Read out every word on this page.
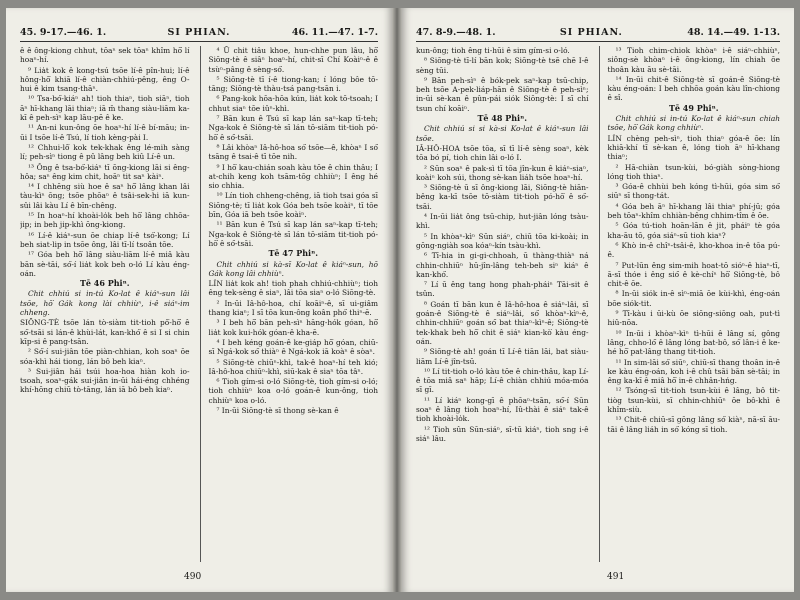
45. 9-17.—46. 1.	SI PHIAN.	46. 11.—47. 1-7.

ê ê ông-kiong chhut, tōaⁿ sek tōaⁿ khîm hō͘ lí hoaⁿ-hí.

⁹ Lia̍t kok ê kong-tsú tsōe lí-ê pîn-hui; lí-ê hông-hō͘ khiā lí-ê chiàn-chhiú-pêng, êng O-hui ê kim tsang-thāⁿ.

¹⁰ Tsa-bó͘-kiáⁿ ah! tioh thiaⁿ, tioh siāⁿ, tioh āⁿ hī-khang lāi thiaⁿ; iā m̄ thang siàu-liām ka-kī ê peh-sìⁿ kap lāu-pē ê ke.

¹¹ An-ni kun-ông ōe hoaⁿ-hí lí-ê bí-māu; in-ūi I tsōe lí-ê Tsú, lí tioh kèng-pài I.

¹² Chhui-lô͘ kok tek-khak êng lé-mih sàng lí; peh-sìⁿ tiong ê pû lâng beh kiû Lí-ê un.

¹³ Ông ê tsa-bó͘-kiáⁿ tī ōng-kiong lāi si êng-hôa; saⁿ êng kim chit, hoāⁿ tit saⁿ kàiⁿ.

¹⁴ I chhēng siù hoe ê saⁿ hō͘ lâng khan lâi tàu-kìⁿ ōng; tsōe phōaⁿ ê tsâi-sek-hi iā kun-sûi lâi kàu Lí ê bīn-chêng.

¹⁵ In hoaⁿ-hí khoài-lo̍k beh hō͘ lâng chhōa-jip; in beh jip-khì ōng-kiong.

¹⁶ Lí-ê kiáⁿ-sun ōe chiap lí-ê tsó͘-kong; Lí beh siat-lip in tsōe ông, lâi tī-lí tsoân tōe.

¹⁷ Góa beh hō͘ lâng siàu-liām lí-ê miâ kàu bān sè-tāi, só͘-í lia̍t kok beh o-ló Lí kàu éng-oán.

Tē 46 Phiⁿ.

Chit chhiú si in-tú Ko-lat ê kiáⁿ-sun lâi tsōe, hō͘ Gák kong lài chhiùⁿ, i-ê siáⁿ-im chheng.

SIŌNG-TÈ tsōe lán tò-siàm tit-tioh pô͘-hō͘ ê só͘-tsāi si lán-ê khùi-lát, kan-khó͘ ê si I si chin kīp-si ê pang-tsān.

² Só͘-í sui-jiân tōe piàn-chhian, koh soaⁿ ōe sóa-khì hái tiong, lán bô beh kiaⁿ.

³ Sui-jiân hái tsúi hoa-hoa hiàn koh io-tsoah, soaⁿ-gák sui-jiân in-ūi hái-éng chhéng khí-hōng chiū tò-tāng, lán iā bô beh kiaⁿ.

⁴ Ū chit tiâu khoe, hun-chhe pun lâu, hō͘ Siōng-tè ê siâⁿ hoaⁿ-hí, chit-sī Chí Koàiⁿ-ê ê tsùⁿ-pâng ê sèng-só͘.

⁵ Siōng-tè tī í-ê tiong-kan; í lóng bôe tō-tāng; Siōng-tè thàu-tsá pang-tsān i.

⁶ Pang-kok hōa-hōa kún, lia̍t kok tō-tsoah; I chhut siaⁿ tōe iûⁿ-khì.

⁷ Bān kun ê Tsú sī kap lán saⁿ-kap tī-teh; Nga-kok ê Siōng-tè sī lán tō-siām tit-tioh pó-hō͘ ê só͘-tsāi.

⁸ Lâi khòaⁿ Iâ-hô-hoa só͘ tsōe—ê, khòaⁿ I só͘ tsāng ê tsai-ê tī tōe nih.

⁹ I hō͘ kau-chián soah kàu tōe ê chin thâu; I at-chih keng koh tsām-tōg chhiùⁿ; I êng hé sio chhia.

¹⁰ Lín tioh chheng-chêng, iā tioh tsai góa sī Siōng-tè; tī lia̍t kok Góa beh tsōe koàiⁿ, tī tōe bīn, Góa iā beh tsōe koàiⁿ.

¹¹ Bān kun ê Tsú sī kap lán saⁿ-kap tī-teh; Nga-kok ê Siōng-tè sī lán tō-siām tit-tioh pó-hō͘ ê só͘-tsāi.

Tē 47 Phiⁿ.

Chit chhiú si kà-sī Ko-lat ê kiáⁿ-sun, hō͘ Gák kong lâi chhiùⁿ.

LÍN lia̍t kok ah! tioh phah chhiú-chhiùⁿ; tioh êng tek-sèng ê siaⁿ, lâi tōa siaⁿ o-ló Siōng-tè.

² In-ūi Iâ-hô-hoa, chí koāiⁿ-ê, sī ui-giâm thang kiaⁿ; I sī tōa kun-ông koân phó͘ thiⁿ-ē.

³ I beh hō͘ bān peh-sìⁿ hāng-hók góan, hō͘ lia̍t kok kui-hók góan-ê kha-ē.

⁴ I beh kéng goán-ê ke-giáp hō͘ góan, chiū-sī Ngá-kok só͘ thiàⁿ ê Ngá-kok iā koàⁿ ê sòaⁿ.

⁵ Siōng-tè chiūⁿ-khì, tak-ê hoaⁿ-hí teh kió; Iâ-hô-hoa chiūⁿ-khì, siū-kak ê siaⁿ tōa tâⁿ.

⁶ Tioh gím-si o-ló Siōng-tè, tioh gím-si o-ló; tioh chhiùⁿ koa o-ló goán-ê kun-ông, tioh chhiùⁿ koa o-ló.

⁷ In-ūi Siōng-tè sī thong sè-kan ê

490
47. 8-9.—48. 1.	SI PHIAN.	48. 14.—49. 1-13.

kun-ông; tioh êng ti-hūi ê sim gím-si o-ló.

⁸ Siōng-tè tī-lí bān kok; Siōng-tè tsē chē I-ê sèng tūi.

⁹ Bān peh-sìⁿ ê bók-pek saⁿ-kap tsū-chip, beh tsōe A-pek-liáp-hān ê Siōng-tè ê peh-sìⁿ; in-ūi sè-kan ê pûn-pái siók Siōng-tè: I sī chí tsun chí koāiⁿ.

Tē 48 Phiⁿ.

Chit chhiú si si kà-si Ko-lat ê kiáⁿ-sun lâi tsōe.

IÂ-HÔ-HOA tsōe tōa, sī tī lí-ê sèng soaⁿ, kèk tōa bó pí, tioh chin lâi o-ló I.

² Sūn soaⁿ ê pak-sì tī tōa jîn-kun ê kiáⁿ-siaⁿ, koàiⁿ koh súi, thong sè-kan liáh tsōe hoaⁿ-hí.

³ Siōng-tè ū sī ông-kiong lāi, Siōng-tè hiān-bêng ka-kī tsōe tō-siàm tit-tioh pó-hō͘ ê só͘-tsāi.

⁴ In-ūi lia̍t ông tsū-chip, hut-jiân lóng tsàu-khì.

⁵ In khòaⁿ-kìⁿ Sūn siáⁿ, chiū tōa ki-koài; in gōng-ngiàh soa kóaⁿ-kín tsàu-khì.

⁶ Tī-hia in gi-gi-chhoah, ū thàng-thiàⁿ ná chhin-chhiūⁿ hū-jîn-lâng teh-beh siⁿ kiáⁿ ê kan-khó͘.

⁷ Lí ū êng tang hong phah-pháiⁿ Tāi-sit ê tsûn.

⁸ Goán tī bān kun ê Iâ-hô-hoa ê siáⁿ-lâi, sī goán-ê Siōng-tè ê siáⁿ-lâi, só͘ khòaⁿ-kìⁿ-ê, chhin-chhiūⁿ goán só͘ bat thiaⁿ-kìⁿ-ê; Siōng-tè tek-khak beh hō͘ chit ê siáⁿ kian-kò͘ kàu éng-oán.

⁹ Siōng-tè ah! goán tī Lí-ê tiān lāi, bat siàu-liām Lí-ê jîn-tsū.

¹⁰ Lí tit-tioh o-ló kàu tōe ê chin-thâu, kap Lí-ê tōa miâ saⁿ hāp; Lí-ê chiàn chhiú móa-móa sī gī.

¹¹ Lí kiáⁿ kong-gī ê phōaⁿ-tsān, só͘-í Sūn soaⁿ ê lâng tioh hoaⁿ-hí, Iû-thài ê siáⁿ tak-ê tioh khoài-lo̍k.

¹² Tioh sûn Sūn-siáⁿ, sī-tū kiáⁿ, tioh sng i-ê siáⁿ lâu.

¹³ Tioh chim-chiok khòaⁿ i-ê siáⁿ-chhiùⁿ, siông-sè khòaⁿ i-ê ōng-kiong, lín chiah ōe thoân kàu āu sè-tāi.

¹⁴ In-ūi chit-ê Siōng-tè sī goán-ê Siōng-tè kàu éng-oán: I beh chhōa goán kàu lîn-chiong ê sî.

Tē 49 Phiⁿ.

Chit chhiú si in-tú Ko-lat ê kiáⁿ-sun chiah tsōe, hō͘ Gák kong chhiùⁿ.

LÍN chèng peh-sìⁿ, tioh thiaⁿ góa-ê ōe: lín khiā-khí tī sè-kan ê, lóng tioh āⁿ hī-khang thiaⁿ;

² Hā-chiàn tsun-kùi, bó-giàh sòng-hiong lóng tioh thiaⁿ.

³ Góa-ê chhùi beh kóng tì-hūi, góa sim só͘ siūⁿ sī thong-tát.

⁴ Góa beh āⁿ hī-khang lâi thiaⁿ phí-jū; góa beh tōaⁿ-khîm chhiàn-bêng chhim-tîm ê ōe.

⁵ Góa tú-tioh hoān-lān ê jit, pháiⁿ tè góa kha-āu tō, góa siáⁿ-sū tioh kiaⁿ?

⁶ Khò in-ê chîⁿ-tsâi-ê, kho-khoa in-ê tōa pú-ê.

⁷ Put-lūn êng sim-mih hoat-tō sióⁿ-ê hiaⁿ-tī, ā-sī thóe i êng sió͘ ê kè-chíⁿ hō͘ Siōng-tè, bô chit-ê ōe.

⁸ In-ūi siók in-ê sìⁿ-miā ōe kùi-khì, éng-oán bōe siók-tit.

⁹ Tī-kàu i ūi-kù ōe siōng-siōng oah, put-tì hiû-nōa.

¹⁰ In-ūi i khòaⁿ-kìⁿ tì-hūi ê lâng sí, gông lâng, chho-ló͘ ê lâng lóng bat-bô, só͘ lân-i ê ke-hé hō͘ pat-lâng thang tit-tioh.

¹¹ In sim-lāi só͘ siūⁿ, chiū-sī thang thoân in-ê ke kàu éng-oán, koh i-ê chû tsāi bān sè-tāi; in êng ka-kī ê miâ hō͘ in-ê chhân-hńg.

¹² Tsóng-sī tit-tioh tsun-kùi ê lâng, bô tit-tiòg tsun-kùi, sī chhin-chhiūⁿ ōe bô-khì ê khîm-siù.

¹³ Chit-ê chiū-sī gōng lâng só͘ kiàⁿ, nā-sī āu-tāi ê lâng liáh in só͘ kóng sī tioh.

491
